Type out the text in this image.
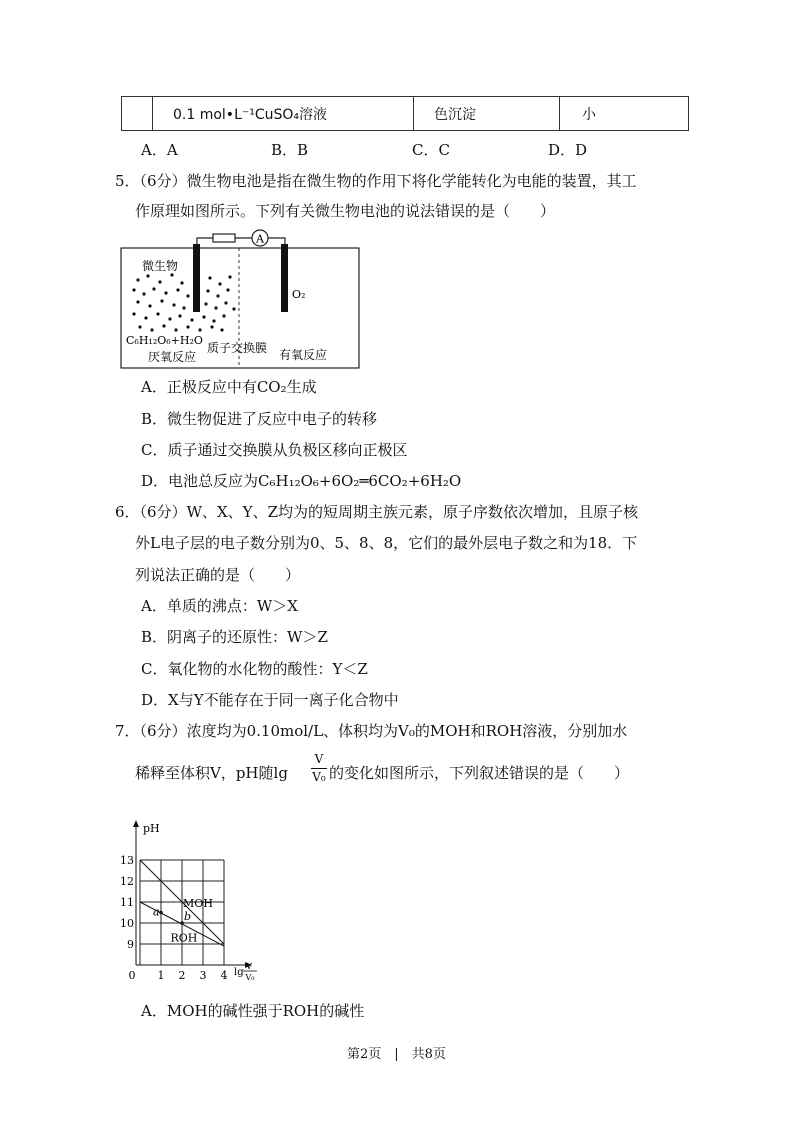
	0.1 mol•L⁻¹CuSO₄溶液	色沉淀	小
A．A	B．B	C．C	D．D
5．（6分）微生物电池是指在微生物的作用下将化学能转化为电能的装置，其工
作原理如图所示。下列有关微生物电池的说法错误的是（　　）
A
微生物
O₂
C₆H₁₂O₆+H₂O
质子交换膜
厌氧反应	有氧反应
A．正极反应中有CO₂生成
B．微生物促进了反应中电子的转移
C．质子通过交换膜从负极区移向正极区
D．电池总反应为C₆H₁₂O₆+6O₂═6CO₂+6H₂O
6．（6分）W、X、Y、Z均为的短周期主族元素，原子序数依次增加，且原子核
外L电子层的电子数分别为0、5、8、8，它们的最外层电子数之和为18．下
列说法正确的是（　　）
A．单质的沸点：W＞X
B．阴离子的还原性：W＞Z
C．氧化物的水化物的酸性：Y＜Z
D．X与Y不能存在于同一离子化合物中
7．（6分）浓度均为0.10mol/L、体积均为V₀的MOH和ROH溶液，分别加水
稀释至体积V，pH随lg
V
V₀ 的变化如图所示，下列叙述错误的是（　　）
pH
lg
V
V₀
9
10
11
12
13
0 1 2 3 4
MOH
ROH
a b
A．MOH的碱性强于ROH的碱性
第2页　|　共8页
